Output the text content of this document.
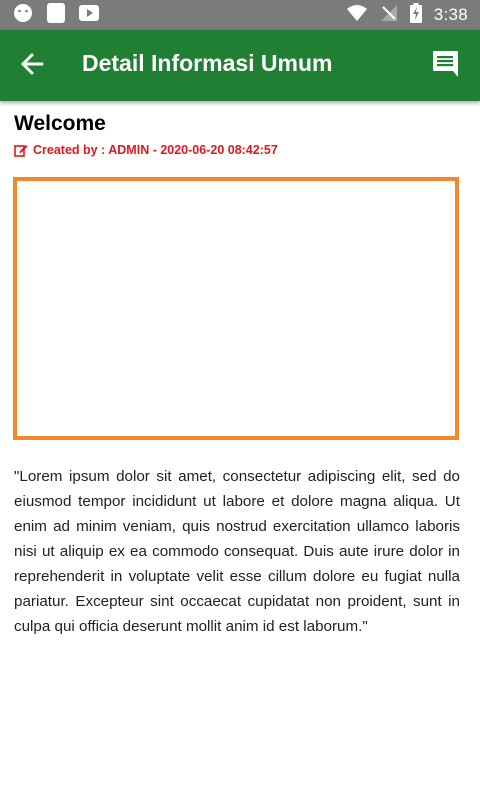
3:38
Detail Informasi Umum
Welcome
Created by : ADMIN - 2020-06-20 08:42:57
"Lorem ipsum dolor sit amet, consectetur adipiscing elit, sed do eiusmod tempor incididunt ut labore et dolore magna aliqua. Ut enim ad minim veniam, quis nostrud exercitation ullamco laboris nisi ut aliquip ex ea commodo consequat. Duis aute irure dolor in reprehenderit in voluptate velit esse cillum dolore eu fugiat nulla pariatur. Excepteur sint occaecat cupidatat non proident, sunt in culpa qui officia deserunt mollit anim id est laborum."
